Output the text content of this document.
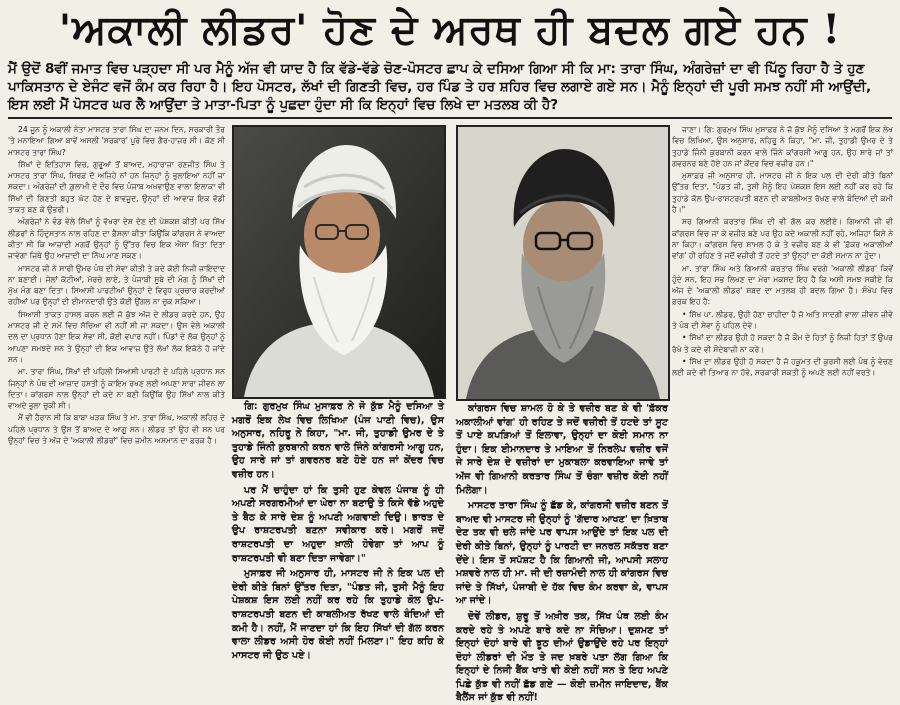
'ਅਕਾਲੀ ਲੀਡਰ' ਹੋਣ ਦੇ ਅਰਥ ਹੀ ਬਦਲ ਗਏ ਹਨ !
ਮੈਂ ਉਦੋਂ 8ਵੀਂ ਜਮਾਤ ਵਿਚ ਪੜ੍ਹਦਾ ਸੀ ਪਰ ਮੈਨੂੰ ਅੱਜ ਵੀ ਯਾਦ ਹੈ ਕਿ ਵੱਡੇ-ਵੱਡੇ ਚੋਣ-ਪੋਸਟਰ ਛਾਪ ਕੇ ਦਸਿਆ ਗਿਆ ਸੀ ਕਿ ਮਾ: ਤਾਰਾ ਸਿੰਘ, ਅੰਗਰੇਜ਼ਾਂ ਦਾ ਵੀ ਪਿੱਠੂ ਰਿਹਾ ਹੈ ਤੇ ਹੁਣ ਪਾਕਿਸਤਾਨ ਦੇ ਏਜੰਟ ਵਜੋਂ ਕੰਮ ਕਰ ਰਿਹਾ ਹੈ। ਇਹ ਪੋਸਟਰ, ਲੱਖਾਂ ਦੀ ਗਿਣਤੀ ਵਿਚ, ਹਰ ਪਿੰਡ ਤੇ ਹਰ ਸ਼ਹਿਰ ਵਿਚ ਲਗਾਏ ਗਏ ਸਨ। ਮੈਨੂੰ ਇਨ੍ਹਾਂ ਦੀ ਪੂਰੀ ਸਮਝ ਨਹੀਂ ਸੀ ਆਉਂਦੀ, ਇਸ ਲਈ ਮੈਂ ਪੋਸਟਰ ਘਰ ਲੈ ਆਉਂਦਾ ਤੇ ਮਾਤਾ-ਪਿਤਾ ਨੂੰ ਪੁਛਦਾ ਹੁੰਦਾ ਸੀ ਕਿ ਇਨ੍ਹਾਂ ਵਿਚ ਲਿਖੇ ਦਾ ਮਤਲਬ ਕੀ ਹੈ?

24 ਜੂਨ ਨੂੰ ਅਕਾਲੀ ਨੇਤਾ ਮਾਸਟਰ ਤਾਰਾ ਸਿੰਘ ਦਾ ਜਨਮ ਦਿਨ, ਸਰਕਾਰੀ ਤੌਰ 'ਤੇ ਮਨਾਇਆ ਗਿਆ ਬਾਵੇਂ ਅਸਲੀ 'ਸਰਕਾਰ' ਪੂਰੇ ਵਿਚ ਗੈਰ-ਹਾਜ਼ਰ ਸੀ। ਕੋਣ ਸੀ ਮਾਸਟਰ ਤਾਰਾ ਸਿੰਘ?

ਸਿੱਖਾਂ ਦੇ ਇਤਿਹਾਸ ਵਿਚ, ਗੁਰੂਆਂ ਤੋਂ ਬਾਅਦ, ਮਹਾਰਾਜਾ ਰਣਜੀਤ ਸਿੰਘ ਤੇ ਮਾਸਟਰ ਤਾਰਾ ਸਿੰਘ, ਸਿਰਫ਼ ਦੋ ਅਜਿਹੇ ਨਾਂ ਹਨ ਜਿਨ੍ਹਾਂ ਨੂੰ ਭੁਲਾਇਆ ਨਹੀਂ ਜਾ ਸਕਦਾ। ਅੰਗਰੇਜ਼ਾਂ ਦੀ ਗ਼ੁਲਾਮੀ ਦੇ ਦੌਰ ਵਿਚ ਪੰਜਾਬ ਅਖਵਾਉਣ ਵਾਲਾ ਇਲਾਕਾ ਵੀ ਸਿੱਖਾਂ ਦੀ ਗਿਣਤੀ ਬਹੁਤ ਘੱਟ ਹੋਣ ਦੇ ਬਾਵਜੂਦ, ਉਨ੍ਹਾਂ ਦੀ ਆਵਾਜ਼ ਇਕ ਵੱਡੀ ਤਾਕਤ ਬਣ ਕੇ ਉਭਰੀ।

ਅੰਗਰੇਜ਼ਾਂ ਨੇ ਵੰਡ ਵੇਲੇ ਸਿੱਖਾਂ ਨੂੰ ਵੱਖਰਾ ਦੇਸ਼ ਦੇਣ ਦੀ ਪੇਸ਼ਕਸ਼ ਕੀਤੀ ਪਰ ਸਿੱਖ ਲੀਡਰਾਂ ਨੇ ਹਿੰਦੁਸਤਾਨ ਨਾਲ ਰਹਿਣ ਦਾ ਫ਼ੈਸਲਾ ਕੀਤਾ ਕਿਉਂਕਿ ਕਾਂਗਰਸ ਨੇ ਵਾਅਦਾ ਕੀਤਾ ਸੀ ਕਿ ਆਜ਼ਾਦੀ ਮਗਰੋਂ ਉਨ੍ਹਾਂ ਨੂੰ ਉੱਤਰ ਵਿਚ ਇਕ ਐਸਾ ਖ਼ਿੱਤਾ ਦਿਤਾ ਜਾਵੇਗਾ ਜਿਥੇ ਉਹ ਆਜ਼ਾਦੀ ਦਾ ਨਿੱਘ ਮਾਣ ਸਕਣ।

ਮਾਸਟਰ ਜੀ ਨੇ ਸਾਰੀ ਉਮਰ ਪੰਥ ਦੀ ਸੇਵਾ ਕੀਤੀ ਤੇ ਕਦੇ ਕੋਈ ਨਿਜੀ ਜਾਇਦਾਦ ਨਾ ਬਣਾਈ। ਜੇਲਾਂ ਕੱਟੀਆਂ, ਮੋਰਚੇ ਲਾਏ, ਤੇ ਪੰਜਾਬੀ ਸੂਬੇ ਦੀ ਮੰਗ ਨੂੰ ਸਿੱਖਾਂ ਦੀ ਮੁੱਖ ਮੰਗ ਬਣਾ ਦਿਤਾ। ਸਿਆਸੀ ਪਾਰਟੀਆਂ ਉਨ੍ਹਾਂ ਦੇ ਵਿਰੁਧ ਪ੍ਰਚਾਰ ਕਰਦੀਆਂ ਰਹੀਆਂ ਪਰ ਉਨ੍ਹਾਂ ਦੀ ਈਮਾਨਦਾਰੀ ਉਤੇ ਕੋਈ ਉਂਗਲ ਨਾ ਚੁਕ ਸਕਿਆ।

ਸਿਆਸੀ ਤਾਕਤ ਹਾਸਲ ਕਰਨ ਲਈ ਜੋ ਕੁੱਝ ਅੱਜ ਦੇ ਲੀਡਰ ਕਰਦੇ ਹਨ, ਉਹ ਮਾਸਟਰ ਜੀ ਦੇ ਸਮੇਂ ਵਿਚ ਸੋਚਿਆ ਵੀ ਨਹੀਂ ਸੀ ਜਾ ਸਕਦਾ। ਉਸ ਵੇਲੇ ਅਕਾਲੀ ਦਲ ਦਾ ਪ੍ਰਧਾਨ ਹੋਣਾ ਇਕ ਸੇਵਾ ਸੀ, ਕੋਈ ਵਪਾਰ ਨਹੀਂ। ਪਿੰਡਾਂ ਦੇ ਲੋਕ ਉਨ੍ਹਾਂ ਨੂੰ ਆਪਣਾ ਸਮਝਦੇ ਸਨ ਤੇ ਉਨ੍ਹਾਂ ਦੀ ਇਕ ਆਵਾਜ਼ ਉਤੇ ਲੱਖਾਂ ਲੋਕ ਇਕੱਠੇ ਹੋ ਜਾਂਦੇ ਸਨ।

ਮਾ. ਤਾਰਾ ਸਿੰਘ, ਸਿੱਖਾਂ ਦੀ ਪਹਿਲੀ ਸਿਆਸੀ ਪਾਰਟੀ ਦੇ ਪਹਿਲੇ ਪ੍ਰਧਾਨ ਸਨ ਜਿਨ੍ਹਾਂ ਨੇ ਪੰਥ ਦੀ ਆਜ਼ਾਦ ਹਸਤੀ ਨੂੰ ਕਾਇਮ ਰਖਣ ਲਈ ਅਪਣਾ ਸਾਰਾ ਜੀਵਨ ਲਾ ਦਿਤਾ। ਕਾਂਗਰਸ ਨਾਲ ਉਨ੍ਹਾਂ ਦੀ ਕਦੇ ਨਾ ਬਣੀ ਕਿਉਂਕਿ ਉਹ ਸਿੱਖਾਂ ਨਾਲ ਕੀਤੇ ਵਾਅਦੇ ਭੁਲਾ ਚੁਕੀ ਸੀ।

ਮੈਂ ਵੀ ਹੈਰਾਨ ਸੀ ਕਿ ਬਾਬਾ ਖੜਕ ਸਿੰਘ ਤੇ ਮਾ. ਤਾਰਾ ਸਿੰਘ, ਅਕਾਲੀ ਲਹਿਰ ਦੇ ਪਹਿਲੇ ਪ੍ਰਧਾਨ ਤੇ ਉਸ ਤੋਂ ਬਾਅਦ ਦੇ ਆਗੂ ਸਨ। ਲੀਡਰ ਤਾਂ ਉਹ ਵੀ ਸਨ ਪਰ ਉਨ੍ਹਾਂ ਵਿਚ ਤੇ ਅੱਜ ਦੇ 'ਅਕਾਲੀ ਲੀਡਰਾਂ' ਵਿਚ ਜ਼ਮੀਨ ਅਸਮਾਨ ਦਾ ਫ਼ਰਕ ਹੈ।

ਗਿ: ਗੁਰਮੁਖ ਸਿੰਘ ਮੁਸਾਫ਼ਰ ਨੇ ਜੋ ਕੁੱਝ ਮੈਨੂੰ ਦਸਿਆ ਤੇ ਮਗਰੋਂ ਇਕ ਲੇਖ ਵਿਚ ਲਿਖਿਆ (ਪੰਜ ਪਾਣੀ ਵਿਚ), ਉਸ ਅਨੁਸਾਰ, ਨਹਿਰੂ ਨੇ ਕਿਹਾ, "ਮਾ. ਜੀ, ਤੁਹਾਡੀ ਉਮਰ ਦੇ ਤੇ ਤੁਹਾਡੇ ਜਿੰਨੀ ਕੁਰਬਾਨੀ ਕਰਨ ਵਾਲੇ ਜਿੰਨੇ ਕਾਂਗਰਸੀ ਆਗੂ ਹਨ, ਉਹ ਸਾਰੇ ਜਾਂ ਤਾਂ ਗਵਰਨਰ ਬਣੇ ਹੋਏ ਹਨ ਜਾਂ ਕੇਂਦਰ ਵਿਚ ਵਜ਼ੀਰ ਹਨ।

ਪਰ ਮੈਂ ਚਾਹੁੰਦਾ ਹਾਂ ਕਿ ਤੁਸੀ ਹੁਣ ਕੇਵਲ ਪੰਜਾਬ ਨੂੰ ਹੀ ਅਪਣੀ ਸਰਗਰਮੀਆਂ ਦਾ ਘੇਰਾ ਨਾ ਬਣਾਉ ਤੇ ਕਿਸੇ ਵੱਡੇ ਅਹੁਦੇ ਤੇ ਬੈਠ ਕੇ ਸਾਰੇ ਦੇਸ਼ ਨੂੰ ਅਪਣੀ ਅਗਵਾਈ ਦਿਉ। ਭਾਰਤ ਦੇ ਉਪ ਰਾਸ਼ਟਰਪਤੀ ਬਣਨਾ ਸਵੀਕਾਰ ਕਰੋ। ਮਗਰੋਂ ਜਦੋਂ ਰਾਸ਼ਟਰਪਤੀ ਦਾ ਅਹੁਦਾ ਖ਼ਾਲੀ ਹੋਵੇਗਾ ਤਾਂ ਆਪ ਨੂੰ ਰਾਸ਼ਟਰਪਤੀ ਵੀ ਬਣਾ ਦਿਤਾ ਜਾਵੇਗਾ।"

ਮੁਸਾਫ਼ਰ ਜੀ ਅਨੁਸਾਰ ਹੀ, ਮਾਸਟਰ ਜੀ ਨੇ ਇਕ ਪਲ ਦੀ ਦੇਰੀ ਕੀਤੇ ਬਿਨਾਂ ਉੱਤਰ ਦਿਤਾ, "ਪੰਡਤ ਜੀ, ਤੁਸੀ ਮੈਨੂੰ ਇਹ ਪੇਸ਼ਕਸ਼ ਇਸ ਲਈ ਨਹੀਂ ਕਰ ਰਹੇ ਕਿ ਤੁਹਾਡੇ ਕੋਲ ਉਪ-ਰਾਸ਼ਟਰਪਤੀ ਬਣਨ ਦੀ ਕਾਬਲੀਅਤ ਰੱਖਣ ਵਾਲੇ ਬੰਦਿਆਂ ਦੀ ਕਮੀ ਹੈ। ਨਹੀਂ, ਮੈਂ ਜਾਣਦਾ ਹਾਂ ਕਿ ਇਹ ਸਿੱਖਾਂ ਦੀ ਗੱਲ ਕਰਨ ਵਾਲਾ ਲੀਡਰ ਅਸੀ ਹੋਰ ਕੋਈ ਨਹੀਂ ਮਿਲਣਾ।" ਇਹ ਕਹਿ ਕੇ ਮਾਸਟਰ ਜੀ ਉਠ ਪਏ।

ਕਾਂਗਰਸ ਵਿਚ ਸ਼ਾਮਲ ਹੋ ਕੇ ਤੇ ਵਜ਼ੀਰ ਬਣ ਕੇ ਵੀ 'ਫ਼ੱਕਰ ਅਕਾਲੀਆਂ ਵਾਂਗ' ਹੀ ਰਹਿਣ ਤੇ ਜਦੋਂ ਵਜ਼ੀਰੀ ਤੋਂ ਹਟਦੇ ਤਾਂ ਸੂਟ ਤੋਂ ਪਾਏ ਕਪੜਿਆਂ ਤੋਂ ਇਲਾਵਾ, ਉਨ੍ਹਾਂ ਦਾ ਕੋਈ ਸਮਾਨ ਨਾ ਹੁੰਦਾ। ਇਕ ਈਮਾਨਦਾਰ ਤੇ ਮਾਇਆ ਤੋਂ ਨਿਰਲੇਪ ਵਜ਼ੀਰ ਵਜੋਂ ਜੇ ਸਾਰੇ ਦੇਸ਼ ਦੇ ਵਜ਼ੀਰਾਂ ਦਾ ਮੁਕਾਬਲਾ ਕਰਵਾਇਆ ਜਾਵੇ ਤਾਂ ਅੱਜ ਵੀ ਗਿਆਨੀ ਕਰਤਾਰ ਸਿੰਘ ਤੋਂ ਚੰਗਾ ਵਜ਼ੀਰ ਕੋਈ ਨਹੀਂ ਮਿਲੇਗਾ।

ਮਾਸਟਰ ਤਾਰਾ ਸਿੰਘ ਨੂੰ ਛੱਡ ਕੇ, ਕਾਂਗਰਸੀ ਵਜ਼ੀਰ ਬਣਨ ਤੋਂ ਬਾਅਦ ਵੀ ਮਾਸਟਰ ਜੀ ਉਨ੍ਹਾਂ ਨੂੰ 'ਗੱਦਾਰ ਆਖਣ' ਦਾ ਖ਼ਿਤਾਬ ਦੇਣ ਤਕ ਵੀ ਚਲੇ ਜਾਂਦੇ ਪਰ ਵਾਪਸ ਆਉਂਦੇ ਤਾਂ ਇਕ ਪਲ ਦੀ ਦੇਰੀ ਕੀਤੇ ਬਿਨਾਂ, ਉਨ੍ਹਾਂ ਨੂੰ ਪਾਰਟੀ ਦਾ ਜਨਰਲ ਸਕੱਤਰ ਬਣਾ ਦੇਂਦੇ। ਇਸ ਤੋਂ ਸਪੱਸ਼ਟ ਹੈ ਕਿ ਗਿਆਨੀ ਜੀ, ਆਪਸੀ ਸਲਾਹ ਮਸ਼ਵਰੇ ਨਾਲ ਹੀ ਮਾ. ਜੀ ਦੀ ਰਜ਼ਾਮੰਦੀ ਨਾਲ ਹੀ ਕਾਂਗਰਸ ਵਿਚ ਜਾਂਦੇ ਤੇ ਸਿੱਖਾਂ, ਪੰਜਾਬੀ ਦੇ ਹੱਕ ਵਿਚ ਕੰਮ ਕਰਵਾ ਕੇ, ਵਾਪਸ ਆ ਜਾਂਦੇ।

ਦੋਵੇਂ ਲੀਡਰ, ਸ਼ੁਰੂ ਤੋਂ ਅਖ਼ੀਰ ਤਕ, ਸਿੱਖ ਪੰਥ ਲਈ ਕੰਮ ਕਰਦੇ ਰਹੇ ਤੇ ਅਪਣੇ ਬਾਰੇ ਕਦੇ ਨਾ ਸੋਚਿਆ। ਦੁਸ਼ਮਣ ਤਾਂ ਇਨ੍ਹਾਂ ਦੋਹਾਂ ਬਾਰੇ ਵੀ ਝੂਠ ਦੀਆਂ ਉਡਾਉਂਦੇ ਰਹੇ ਪਰ ਇਨ੍ਹਾਂ ਦੋਹਾਂ ਲੀਡਰਾਂ ਦੀ ਮੌਤ ਤੇ ਜਦ ਖ਼ਬਰੇ ਪਤਾ ਲੱਗ ਗਿਆ ਕਿ ਇਨ੍ਹਾਂ ਦੇ ਨਿਜੀ ਬੈਂਕ ਖਾਤੇ ਵੀ ਕੋਈ ਨਹੀਂ ਸਨ ਤੇ ਇਹ ਅਪਣੇ ਪਿਛੇ ਕੁੱਝ ਵੀ ਨਹੀਂ ਛੱਡ ਗਏ — ਕੋਈ ਜ਼ਮੀਨ ਜਾਇਦਾਦ, ਬੈਂਕ ਬੈਲੈਂਸ ਜਾਂ ਕੁੱਝ ਵੀ ਨਹੀਂ!

ਜਾਣਾ। ਗਿ: ਗੁਰਮੁਖ ਸਿੰਘ ਮੁਸਾਫ਼ਰ ਨੇ ਜੋ ਕੁੱਝ ਮੈਨੂੰ ਦਸਿਆ ਤੇ ਮਗਰੋਂ ਇਕ ਲੇਖ ਵਿਚ ਲਿਖਿਆ, ਉਸ ਅਨੁਸਾਰ, ਨਹਿਰੂ ਨੇ ਕਿਹਾ, "ਮਾ. ਜੀ, ਤੁਹਾਡੀ ਉਮਰ ਦੇ ਤੇ ਤੁਹਾਡੇ ਜਿੰਨੀ ਕੁਰਬਾਨੀ ਕਰਨ ਵਾਲੇ ਜਿੰਨੇ ਕਾਂਗਰਸੀ ਆਗੂ ਹਨ, ਉਹ ਸਾਰੇ ਜਾਂ ਤਾਂ ਗਵਰਨਰ ਬਣੇ ਹੋਏ ਹਨ ਜਾਂ ਕੇਂਦਰ ਵਿਚ ਵਜ਼ੀਰ ਹਨ।"

ਮੁਸਾਫ਼ਰ ਜੀ ਅਨੁਸਾਰ ਹੀ, ਮਾਸਟਰ ਜੀ ਨੇ ਇਕ ਪਲ ਦੀ ਦੇਰੀ ਕੀਤੇ ਬਿਨਾਂ ਉੱਤਰ ਦਿਤਾ, "ਪੰਡਤ ਜੀ, ਤੁਸੀ ਮੈਨੂੰ ਇਹ ਪੇਸ਼ਕਸ਼ ਇਸ ਲਈ ਨਹੀਂ ਕਰ ਰਹੇ ਕਿ ਤੁਹਾਡੇ ਕੋਲ ਉਪ-ਰਾਸ਼ਟਰਪਤੀ ਬਣਨ ਦੀ ਕਾਬਲੀਅਤ ਰੱਖਣ ਵਾਲੇ ਬੰਦਿਆਂ ਦੀ ਕਮੀ ਹੈ।"

ਸਰ ਗਿਆਨੀ ਕਰਤਾਰ ਸਿੰਘ ਦੀ ਵੀ ਗੱਲ ਕਰ ਲਈਏ। ਗਿਆਨੀ ਜੀ ਵੀ ਕਾਂਗਰਸ ਵਿਚ ਜਾ ਕੇ ਵਜ਼ੀਰ ਬਣੇ ਪਰ ਉਹ ਕਦੇ ਅਕਾਲੀ ਨਹੀਂ ਰਹੇ, ਅਜਿਹਾ ਕਿਸੇ ਨੇ ਨਾ ਕਿਹਾ। ਕਾਂਗਰਸ ਵਿਚ ਸ਼ਾਮਲ ਹੋ ਕੇ ਤੇ ਵਜ਼ੀਰ ਬਣ ਕੇ ਵੀ 'ਫ਼ੱਕਰ ਅਕਾਲੀਆਂ ਵਾਂਗ' ਹੀ ਰਹਿਣ ਤੇ ਜਦੋਂ ਵਜ਼ੀਰੀ ਤੋਂ ਹਟਦੇ ਤਾਂ ਉਨ੍ਹਾਂ ਦਾ ਕੋਈ ਸਮਾਨ ਨਾ ਹੁੰਦਾ।

ਮਾ. ਤਾਰਾ ਸਿੰਘ ਅਤੇ ਗਿਆਨੀ ਕਰਤਾਰ ਸਿੰਘ ਵਰਗੇ 'ਅਕਾਲੀ ਲੀਡਰ' ਕਿਵੇਂ ਹੁੰਦੇ ਸਨ, ਇਹ ਸਭ ਲਿਖਣ ਦਾ ਮੇਰਾ ਮਕਸਦ ਇਹ ਹੈ ਕਿ ਅਸੀ ਸਮਝ ਸਕੀਏ ਕਿ ਅੱਜ ਦੇ 'ਅਕਾਲੀ ਲੀਡਰ' ਸ਼ਬਦ ਦਾ ਮਤਲਬ ਹੀ ਬਦਲ ਗਿਆ ਹੈ। ਸੰਖੇਪ ਵਿਚ ਫ਼ਰਕ ਇਹ ਹੈ:

• ਸਿੱਖ ਪਾ. ਲੀਡਰ, ਉਹੀ ਹੋਣਾ ਚਾਹੀਦਾ ਹੈ ਜੋ ਅਤਿ ਸਾਦਗੀ ਵਾਲਾ ਜੀਵਨ ਜੀਵੇ ਤੇ ਪੰਥ ਦੀ ਸੇਵਾ ਨੂੰ ਪਹਿਲ ਦੇਵੇ।

• ਸਿੱਖਾਂ ਦਾ ਲੀਡਰ ਉਹੀ ਹੋ ਸਕਦਾ ਹੈ ਜੋ ਕੌਮ ਦੇ ਹਿਤਾਂ ਨੂੰ ਨਿਜੀ ਹਿਤਾਂ ਤੋਂ ਉਪਰ ਰੱਖੇ ਤੇ ਕਦੇ ਵੀ ਸੌਦੇਬਾਜ਼ੀ ਨਾ ਕਰੇ।

• ਸਿੱਖ ਦਾ ਲੀਡਰ ਉਹੀ ਹੋ ਸਕਦਾ ਹੈ ਜੋ ਹਕੂਮਤ ਦੀ ਕੁਰਸੀ ਲਈ ਪੰਥ ਨੂੰ ਵੇਚਣ ਲਈ ਕਦੇ ਵੀ ਤਿਆਰ ਨਾ ਹੋਵੇ, ਸਰਕਾਰੀ ਸ਼ਕਤੀ ਨੂੰ ਅਪਣੇ ਲਈ ਨਹੀਂ ਵਰਤੇ।
